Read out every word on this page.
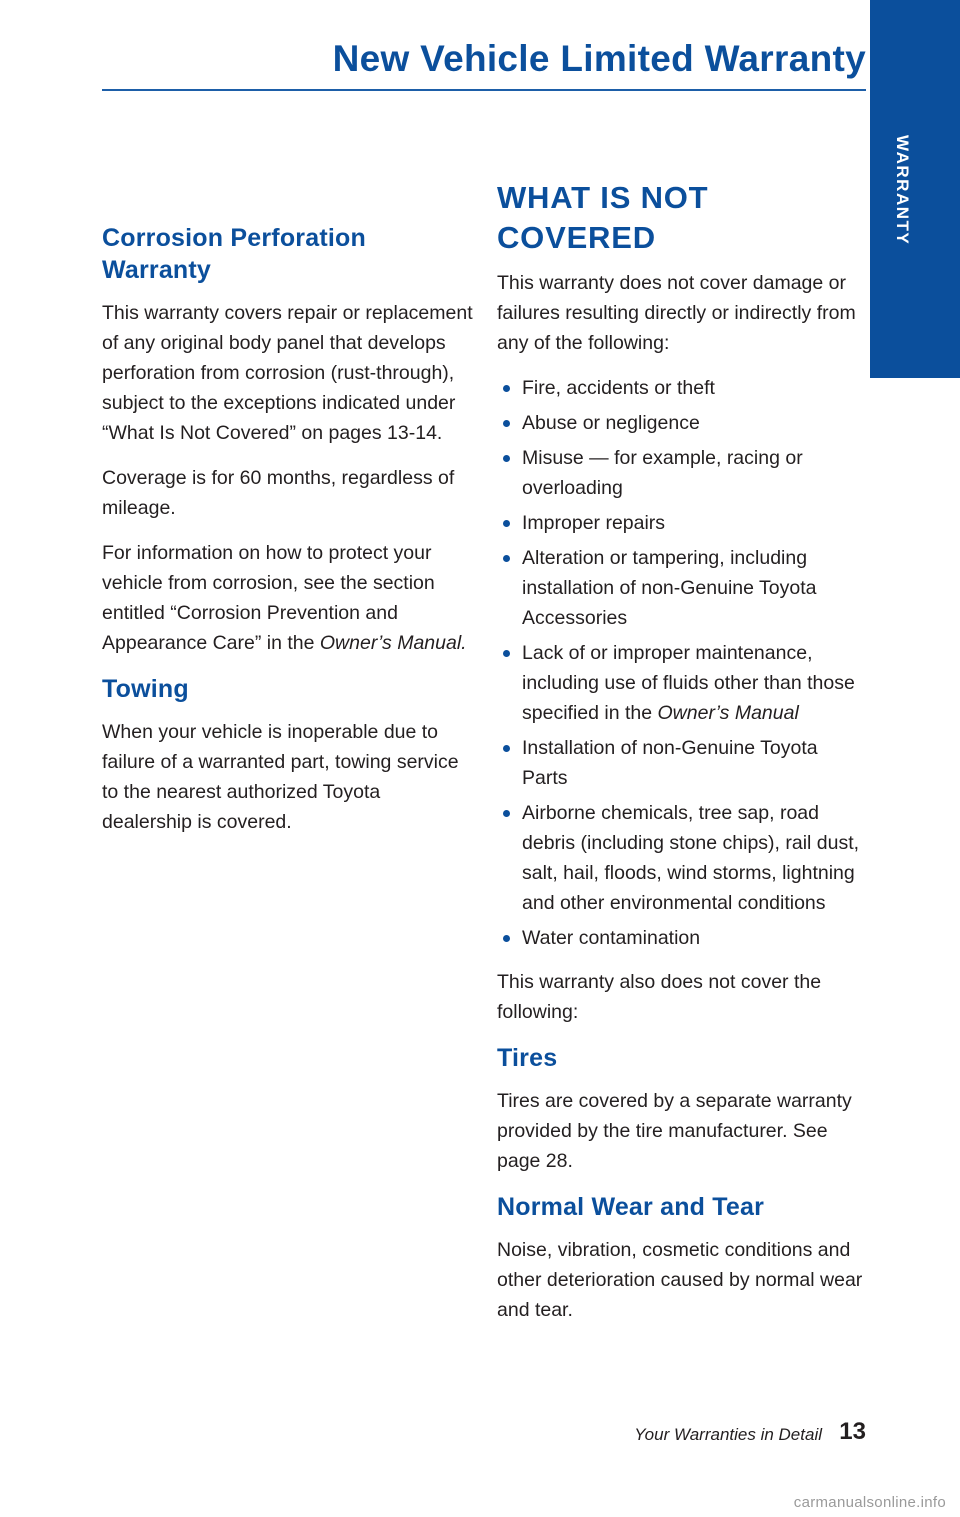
New Vehicle Limited Warranty
WARRANTY
Corrosion Perforation Warranty

This warranty covers repair or replacement of any original body panel that develops perforation from corrosion (rust-through), subject to the exceptions indicated under “What Is Not Covered” on pages 13-14.

Coverage is for 60 months, regardless of mileage.

For information on how to protect your vehicle from corrosion, see the section entitled “Corrosion Prevention and Appearance Care” in the Owner’s Manual.

Towing

When your vehicle is inoperable due to failure of a warranted part, towing service to the nearest authorized Toyota dealership is covered.

WHAT IS NOT COVERED

This warranty does not cover damage or failures resulting directly or indirectly from any of the following:

Fire, accidents or theft
Abuse or negligence
Misuse — for example, racing or overloading
Improper repairs
Alteration or tampering, including installation of non-Genuine Toyota Accessories
Lack of or improper maintenance, including use of fluids other than those specified in the Owner’s Manual
Installation of non-Genuine Toyota Parts
Airborne chemicals, tree sap, road debris (including stone chips), rail dust, salt, hail, floods, wind storms, lightning and other environmental conditions
Water contamination

This warranty also does not cover the following:

Tires

Tires are covered by a separate warranty provided by the tire manufacturer. See page 28.

Normal Wear and Tear

Noise, vibration, cosmetic conditions and other deterioration caused by normal wear and tear.

Your Warranties in Detail 13
carmanualsonline.info
